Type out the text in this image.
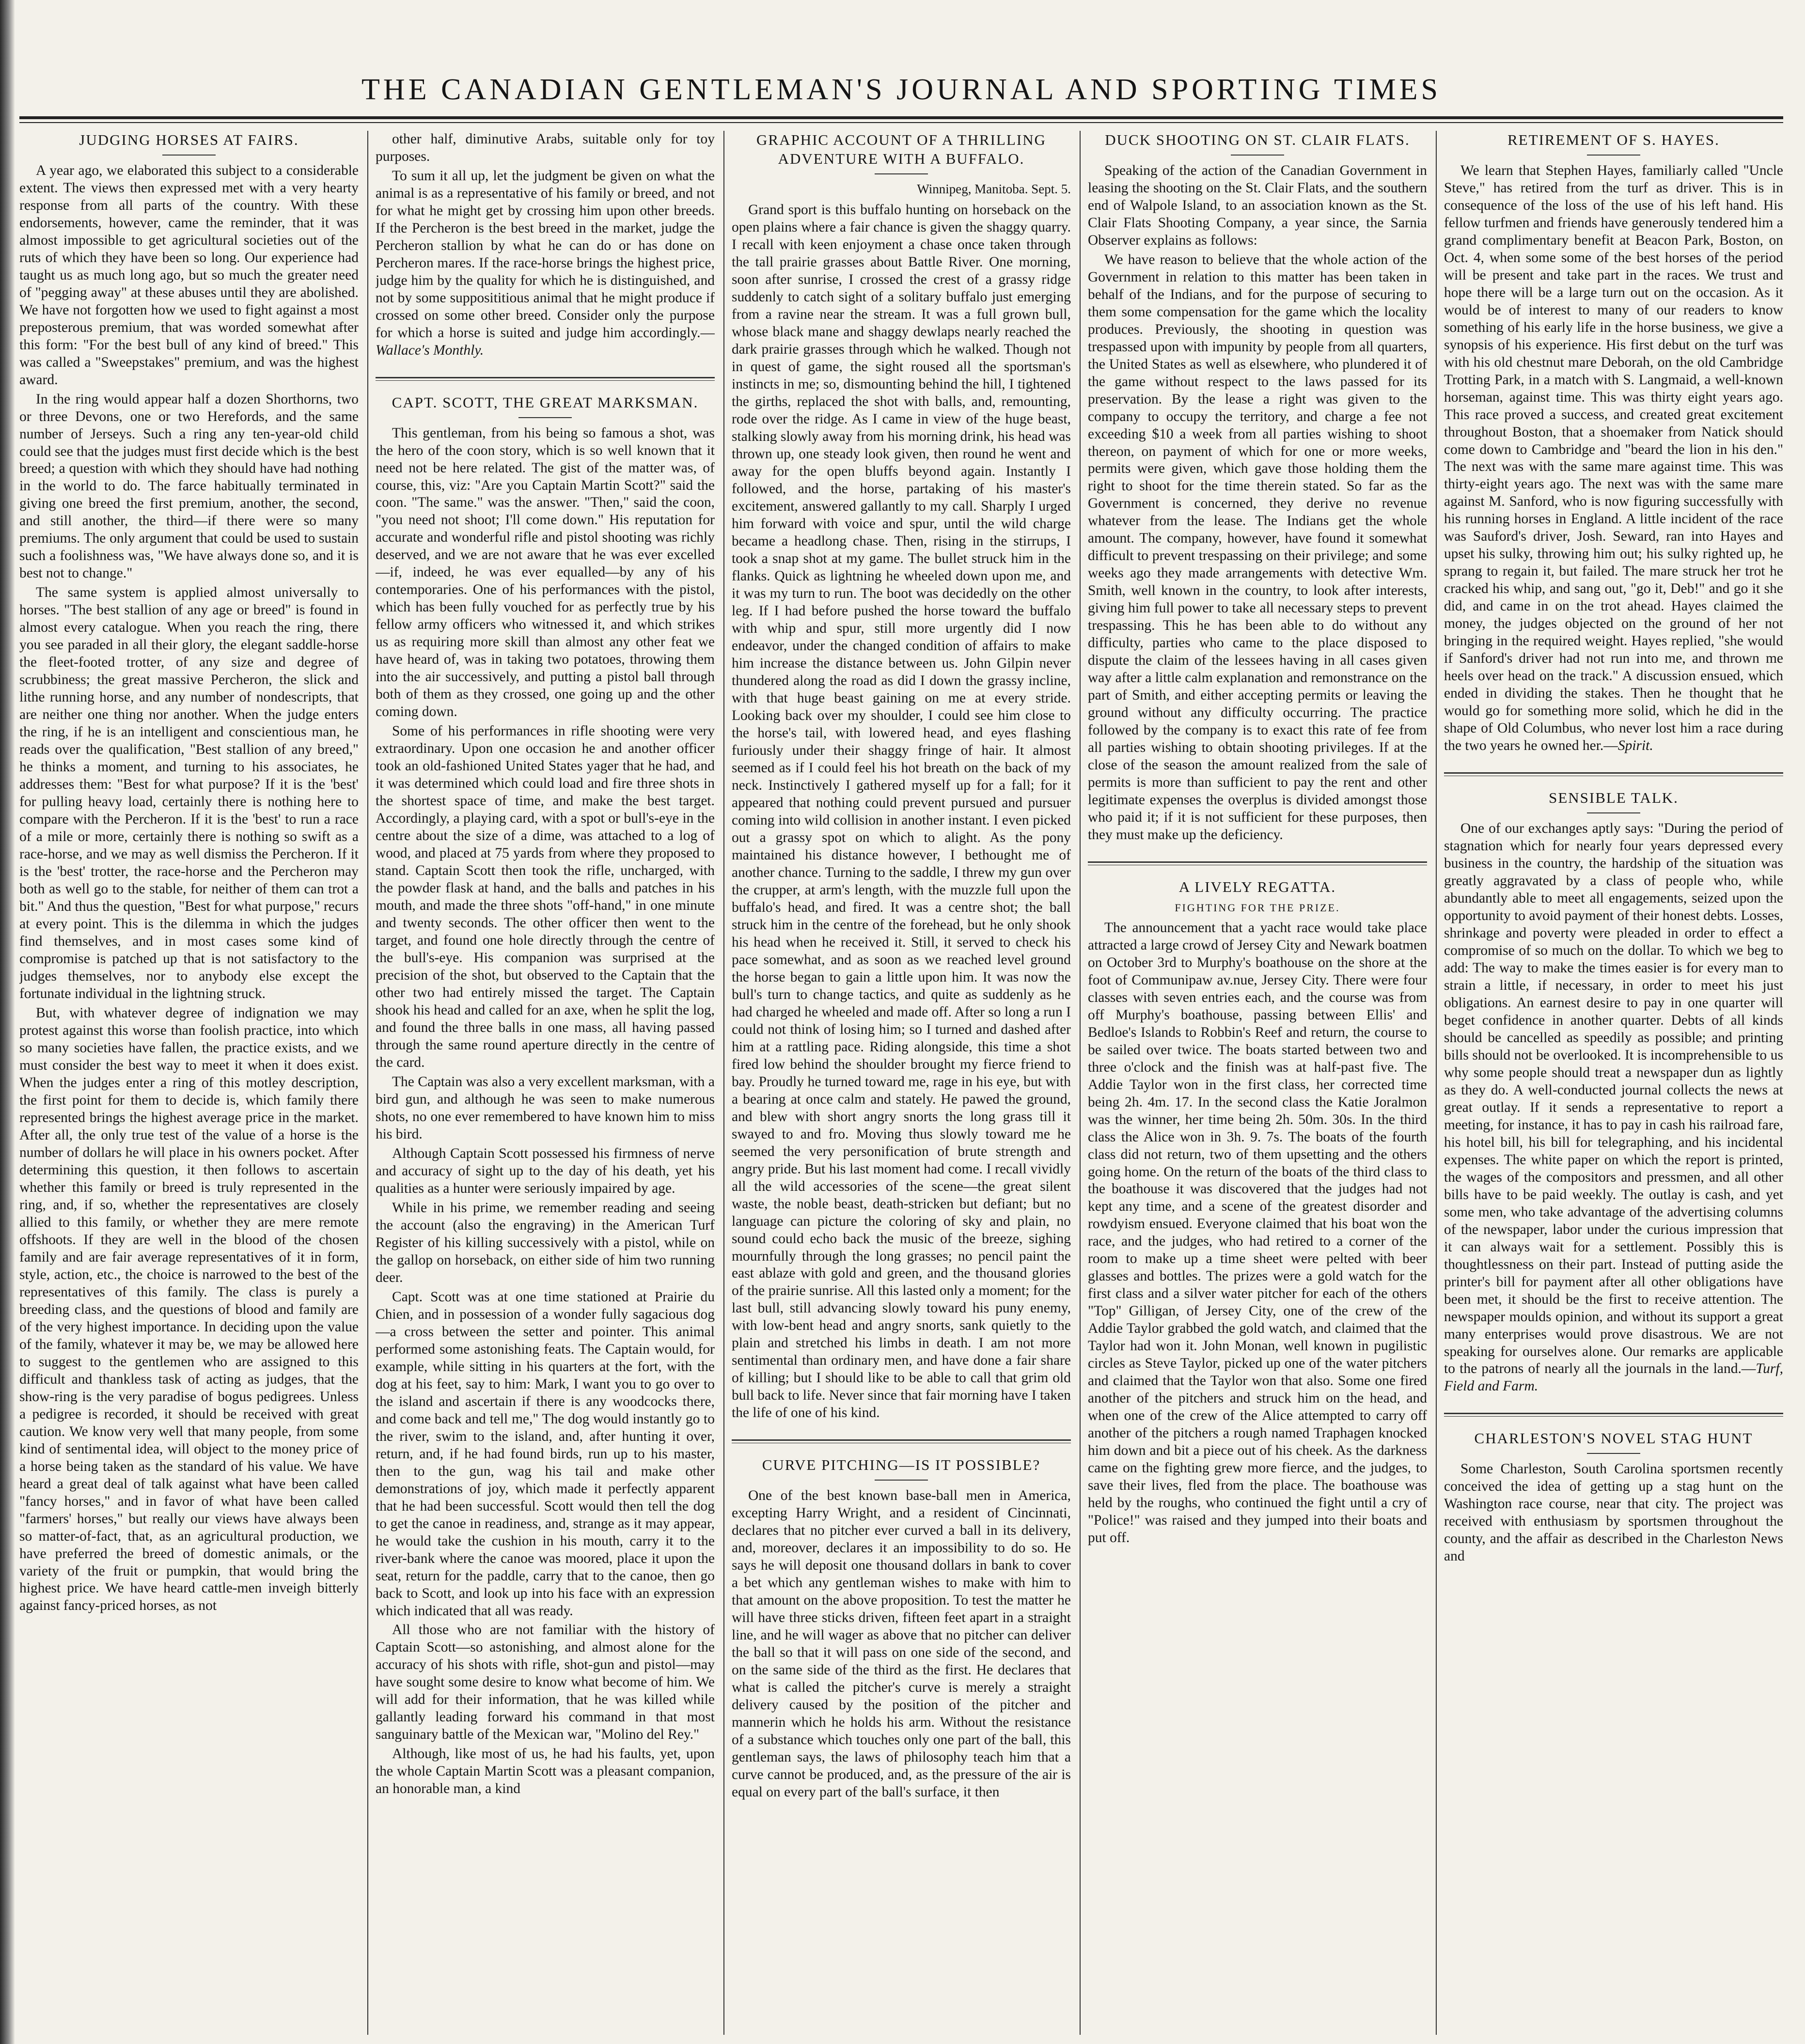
THE CANADIAN GENTLEMAN'S JOURNAL AND SPORTING TIMES
JUDGING HORSES AT FAIRS.

A year ago, we elaborated this subject to a considerable extent. The views then expressed met with a very hearty response from all parts of the country. With these endorsements, however, came the reminder, that it was almost impossible to get agricultural societies out of the ruts of which they have been so long. Our experience had taught us as much long ago, but so much the greater need of "pegging away" at these abuses until they are abolished. We have not forgotten how we used to fight against a most preposterous premium, that was worded somewhat after this form: "For the best bull of any kind of breed." This was called a "Sweepstakes" premium, and was the highest award.

In the ring would appear half a dozen Shorthorns, two or three Devons, one or two Herefords, and the same number of Jerseys. Such a ring any ten-year-old child could see that the judges must first decide which is the best breed; a question with which they should have had nothing in the world to do. The farce habitually terminated in giving one breed the first premium, another, the second, and still another, the third—if there were so many premiums. The only argument that could be used to sustain such a foolishness was, "We have always done so, and it is best not to change."

The same system is applied almost universally to horses. "The best stallion of any age or breed" is found in almost every catalogue. When you reach the ring, there you see paraded in all their glory, the elegant saddle-horse the fleet-footed trotter, of any size and degree of scrubbiness; the great massive Percheron, the slick and lithe running horse, and any number of nondescripts, that are neither one thing nor another. When the judge enters the ring, if he is an intelligent and conscientious man, he reads over the qualification, "Best stallion of any breed," he thinks a moment, and turning to his associates, he addresses them: "Best for what purpose? If it is the 'best' for pulling heavy load, certainly there is nothing here to compare with the Percheron. If it is the 'best' to run a race of a mile or more, certainly there is nothing so swift as a race-horse, and we may as well dismiss the Percheron. If it is the 'best' trotter, the race-horse and the Percheron may both as well go to the stable, for neither of them can trot a bit." And thus the question, "Best for what purpose," recurs at every point. This is the dilemma in which the judges find themselves, and in most cases some kind of compromise is patched up that is not satisfactory to the judges themselves, nor to anybody else except the fortunate individual in the lightning struck.

But, with whatever degree of indignation we may protest against this worse than foolish practice, into which so many societies have fallen, the practice exists, and we must consider the best way to meet it when it does exist. When the judges enter a ring of this motley description, the first point for them to decide is, which family there represented brings the highest average price in the market. After all, the only true test of the value of a horse is the number of dollars he will place in his owners pocket. After determining this question, it then follows to ascertain whether this family or breed is truly represented in the ring, and, if so, whether the representatives are closely allied to this family, or whether they are mere remote offshoots. If they are well in the blood of the chosen family and are fair average representatives of it in form, style, action, etc., the choice is narrowed to the best of the representatives of this family. The class is purely a breeding class, and the questions of blood and family are of the very highest importance. In deciding upon the value of the family, whatever it may be, we may be allowed here to suggest to the gentlemen who are assigned to this difficult and thankless task of acting as judges, that the show-ring is the very paradise of bogus pedigrees. Unless a pedigree is recorded, it should be received with great caution. We know very well that many people, from some kind of sentimental idea, will object to the money price of a horse being taken as the standard of his value. We have heard a great deal of talk against what have been called "fancy horses," and in favor of what have been called "farmers' horses," but really our views have always been so matter-of-fact, that, as an agricultural production, we have preferred the breed of domestic animals, or the variety of the fruit or pumpkin, that would bring the highest price. We have heard cattle-men inveigh bitterly against fancy-priced horses, as not

other half, diminutive Arabs, suitable only for toy purposes.

To sum it all up, let the judgment be given on what the animal is as a representative of his family or breed, and not for what he might get by crossing him upon other breeds. If the Percheron is the best breed in the market, judge the Percheron stallion by what he can do or has done on Percheron mares. If the race-horse brings the highest price, judge him by the quality for which he is distinguished, and not by some supposititious animal that he might produce if crossed on some other breed. Consider only the purpose for which a horse is suited and judge him accordingly.—Wallace's Monthly.

CAPT. SCOTT, THE GREAT MARKSMAN.

This gentleman, from his being so famous a shot, was the hero of the coon story, which is so well known that it need not be here related. The gist of the matter was, of course, this, viz: "Are you Captain Martin Scott?" said the coon. "The same." was the answer. "Then," said the coon, "you need not shoot; I'll come down." His reputation for accurate and wonderful rifle and pistol shooting was richly deserved, and we are not aware that he was ever excelled—if, indeed, he was ever equalled—by any of his contemporaries. One of his performances with the pistol, which has been fully vouched for as perfectly true by his fellow army officers who witnessed it, and which strikes us as requiring more skill than almost any other feat we have heard of, was in taking two potatoes, throwing them into the air successively, and putting a pistol ball through both of them as they crossed, one going up and the other coming down.

Some of his performances in rifle shooting were very extraordinary. Upon one occasion he and another officer took an old-fashioned United States yager that he had, and it was determined which could load and fire three shots in the shortest space of time, and make the best target. Accordingly, a playing card, with a spot or bull's-eye in the centre about the size of a dime, was attached to a log of wood, and placed at 75 yards from where they proposed to stand. Captain Scott then took the rifle, uncharged, with the powder flask at hand, and the balls and patches in his mouth, and made the three shots "off-hand," in one minute and twenty seconds. The other officer then went to the target, and found one hole directly through the centre of the bull's-eye. His companion was surprised at the precision of the shot, but observed to the Captain that the other two had entirely missed the target. The Captain shook his head and called for an axe, when he split the log, and found the three balls in one mass, all having passed through the same round aperture directly in the centre of the card.

The Captain was also a very excellent marksman, with a bird gun, and although he was seen to make numerous shots, no one ever remembered to have known him to miss his bird.

Although Captain Scott possessed his firmness of nerve and accuracy of sight up to the day of his death, yet his qualities as a hunter were seriously impaired by age.

While in his prime, we remember reading and seeing the account (also the engraving) in the American Turf Register of his killing successively with a pistol, while on the gallop on horseback, on either side of him two running deer.

Capt. Scott was at one time stationed at Prairie du Chien, and in possession of a wonder fully sagacious dog—a cross between the setter and pointer. This animal performed some astonishing feats. The Captain would, for example, while sitting in his quarters at the fort, with the dog at his feet, say to him: Mark, I want you to go over to the island and ascertain if there is any woodcocks there, and come back and tell me," The dog would instantly go to the river, swim to the island, and, after hunting it over, return, and, if he had found birds, run up to his master, then to the gun, wag his tail and make other demonstrations of joy, which made it perfectly apparent that he had been successful. Scott would then tell the dog to get the canoe in readiness, and, strange as it may appear, he would take the cushion in his mouth, carry it to the river-bank where the canoe was moored, place it upon the seat, return for the paddle, carry that to the canoe, then go back to Scott, and look up into his face with an expression which indicated that all was ready.

All those who are not familiar with the history of Captain Scott—so astonishing, and almost alone for the accuracy of his shots with rifle, shot-gun and pistol—may have sought some desire to know what become of him. We will add for their information, that he was killed while gallantly leading forward his command in that most sanguinary battle of the Mexican war, "Molino del Rey."

Although, like most of us, he had his faults, yet, upon the whole Captain Martin Scott was a pleasant companion, an honorable man, a kind

GRAPHIC ACCOUNT OF A THRILLING ADVENTURE WITH A BUFFALO.
Winnipeg, Manitoba. Sept. 5.

Grand sport is this buffalo hunting on horseback on the open plains where a fair chance is given the shaggy quarry. I recall with keen enjoyment a chase once taken through the tall prairie grasses about Battle River. One morning, soon after sunrise, I crossed the crest of a grassy ridge suddenly to catch sight of a solitary buffalo just emerging from a ravine near the stream. It was a full grown bull, whose black mane and shaggy dewlaps nearly reached the dark prairie grasses through which he walked. Though not in quest of game, the sight roused all the sportsman's instincts in me; so, dismounting behind the hill, I tightened the girths, replaced the shot with balls, and, remounting, rode over the ridge. As I came in view of the huge beast, stalking slowly away from his morning drink, his head was thrown up, one steady look given, then round he went and away for the open bluffs beyond again. Instantly I followed, and the horse, partaking of his master's excitement, answered gallantly to my call. Sharply I urged him forward with voice and spur, until the wild charge became a headlong chase. Then, rising in the stirrups, I took a snap shot at my game. The bullet struck him in the flanks. Quick as lightning he wheeled down upon me, and it was my turn to run. The boot was decidedly on the other leg. If I had before pushed the horse toward the buffalo with whip and spur, still more urgently did I now endeavor, under the changed condition of affairs to make him increase the distance between us. John Gilpin never thundered along the road as did I down the grassy incline, with that huge beast gaining on me at every stride. Looking back over my shoulder, I could see him close to the horse's tail, with lowered head, and eyes flashing furiously under their shaggy fringe of hair. It almost seemed as if I could feel his hot breath on the back of my neck. Instinctively I gathered myself up for a fall; for it appeared that nothing could prevent pursued and pursuer coming into wild collision in another instant. I even picked out a grassy spot on which to alight. As the pony maintained his distance however, I bethought me of another chance. Turning to the saddle, I threw my gun over the crupper, at arm's length, with the muzzle full upon the buffalo's head, and fired. It was a centre shot; the ball struck him in the centre of the forehead, but he only shook his head when he received it. Still, it served to check his pace somewhat, and as soon as we reached level ground the horse began to gain a little upon him. It was now the bull's turn to change tactics, and quite as suddenly as he had charged he wheeled and made off. After so long a run I could not think of losing him; so I turned and dashed after him at a rattling pace. Riding alongside, this time a shot fired low behind the shoulder brought my fierce friend to bay. Proudly he turned toward me, rage in his eye, but with a bearing at once calm and stately. He pawed the ground, and blew with short angry snorts the long grass till it swayed to and fro. Moving thus slowly toward me he seemed the very personification of brute strength and angry pride. But his last moment had come. I recall vividly all the wild accessories of the scene—the great silent waste, the noble beast, death-stricken but defiant; but no language can picture the coloring of sky and plain, no sound could echo back the music of the breeze, sighing mournfully through the long grasses; no pencil paint the east ablaze with gold and green, and the thousand glories of the prairie sunrise. All this lasted only a moment; for the last bull, still advancing slowly toward his puny enemy, with low-bent head and angry snorts, sank quietly to the plain and stretched his limbs in death. I am not more sentimental than ordinary men, and have done a fair share of killing; but I should like to be able to call that grim old bull back to life. Never since that fair morning have I taken the life of one of his kind.

CURVE PITCHING—IS IT POSSIBLE?

One of the best known base-ball men in America, excepting Harry Wright, and a resident of Cincinnati, declares that no pitcher ever curved a ball in its delivery, and, moreover, declares it an impossibility to do so. He says he will deposit one thousand dollars in bank to cover a bet which any gentleman wishes to make with him to that amount on the above proposition. To test the matter he will have three sticks driven, fifteen feet apart in a straight line, and he will wager as above that no pitcher can deliver the ball so that it will pass on one side of the second, and on the same side of the third as the first. He declares that what is called the pitcher's curve is merely a straight delivery caused by the position of the pitcher and mannerin which he holds his arm. Without the resistance of a substance which touches only one part of the ball, this gentleman says, the laws of philosophy teach him that a curve cannot be produced, and, as the pressure of the air is equal on every part of the ball's surface, it then

DUCK SHOOTING ON ST. CLAIR FLATS.

Speaking of the action of the Canadian Government in leasing the shooting on the St. Clair Flats, and the southern end of Walpole Island, to an association known as the St. Clair Flats Shooting Company, a year since, the Sarnia Observer explains as follows:

We have reason to believe that the whole action of the Government in relation to this matter has been taken in behalf of the Indians, and for the purpose of securing to them some compensation for the game which the locality produces. Previously, the shooting in question was trespassed upon with impunity by people from all quarters, the United States as well as elsewhere, who plundered it of the game without respect to the laws passed for its preservation. By the lease a right was given to the company to occupy the territory, and charge a fee not exceeding $10 a week from all parties wishing to shoot thereon, on payment of which for one or more weeks, permits were given, which gave those holding them the right to shoot for the time therein stated. So far as the Government is concerned, they derive no revenue whatever from the lease. The Indians get the whole amount. The company, however, have found it somewhat difficult to prevent trespassing on their privilege; and some weeks ago they made arrangements with detective Wm. Smith, well known in the country, to look after interests, giving him full power to take all necessary steps to prevent trespassing. This he has been able to do without any difficulty, parties who came to the place disposed to dispute the claim of the lessees having in all cases given way after a little calm explanation and remonstrance on the part of Smith, and either accepting permits or leaving the ground without any difficulty occurring. The practice followed by the company is to exact this rate of fee from all parties wishing to obtain shooting privileges. If at the close of the season the amount realized from the sale of permits is more than sufficient to pay the rent and other legitimate expenses the overplus is divided amongst those who paid it; if it is not sufficient for these purposes, then they must make up the deficiency.

A LIVELY REGATTA.
FIGHTING FOR THE PRIZE.

The announcement that a yacht race would take place attracted a large crowd of Jersey City and Newark boatmen on October 3rd to Murphy's boathouse on the shore at the foot of Communipaw av.nue, Jersey City. There were four classes with seven entries each, and the course was from off Murphy's boathouse, passing between Ellis' and Bedloe's Islands to Robbin's Reef and return, the course to be sailed over twice. The boats started between two and three o'clock and the finish was at half-past five. The Addie Taylor won in the first class, her corrected time being 2h. 4m. 17. In the second class the Katie Joralmon was the winner, her time being 2h. 50m. 30s. In the third class the Alice won in 3h. 9. 7s. The boats of the fourth class did not return, two of them upsetting and the others going home. On the return of the boats of the third class to the boathouse it was discovered that the judges had not kept any time, and a scene of the greatest disorder and rowdyism ensued. Everyone claimed that his boat won the race, and the judges, who had retired to a corner of the room to make up a time sheet were pelted with beer glasses and bottles. The prizes were a gold watch for the first class and a silver water pitcher for each of the others "Top" Gilligan, of Jersey City, one of the crew of the Addie Taylor grabbed the gold watch, and claimed that the Taylor had won it. John Monan, well known in pugilistic circles as Steve Taylor, picked up one of the water pitchers and claimed that the Taylor won that also. Some one fired another of the pitchers and struck him on the head, and when one of the crew of the Alice attempted to carry off another of the pitchers a rough named Traphagen knocked him down and bit a piece out of his cheek. As the darkness came on the fighting grew more fierce, and the judges, to save their lives, fled from the place. The boathouse was held by the roughs, who continued the fight until a cry of "Police!" was raised and they jumped into their boats and put off.

RETIREMENT OF S. HAYES.

We learn that Stephen Hayes, familiarly called "Uncle Steve," has retired from the turf as driver. This is in consequence of the loss of the use of his left hand. His fellow turfmen and friends have generously tendered him a grand complimentary benefit at Beacon Park, Boston, on Oct. 4, when some some of the best horses of the period will be present and take part in the races. We trust and hope there will be a large turn out on the occasion. As it would be of interest to many of our readers to know something of his early life in the horse business, we give a synopsis of his experience. His first debut on the turf was with his old chestnut mare Deborah, on the old Cambridge Trotting Park, in a match with S. Langmaid, a well-known horseman, against time. This was thirty eight years ago. This race proved a success, and created great excitement throughout Boston, that a shoemaker from Natick should come down to Cambridge and "beard the lion in his den." The next was with the same mare against time. This was thirty-eight years ago. The next was with the same mare against M. Sanford, who is now figuring successfully with his running horses in England. A little incident of the race was Sauford's driver, Josh. Seward, ran into Hayes and upset his sulky, throwing him out; his sulky righted up, he sprang to regain it, but failed. The mare struck her trot he cracked his whip, and sang out, "go it, Deb!" and go it she did, and came in on the trot ahead. Hayes claimed the money, the judges objected on the ground of her not bringing in the required weight. Hayes replied, "she would if Sanford's driver had not run into me, and thrown me heels over head on the track." A discussion ensued, which ended in dividing the stakes. Then he thought that he would go for something more solid, which he did in the shape of Old Columbus, who never lost him a race during the two years he owned her.—Spirit.

SENSIBLE TALK.

One of our exchanges aptly says: "During the period of stagnation which for nearly four years depressed every business in the country, the hardship of the situation was greatly aggravated by a class of people who, while abundantly able to meet all engagements, seized upon the opportunity to avoid payment of their honest debts. Losses, shrinkage and poverty were pleaded in order to effect a compromise of so much on the dollar. To which we beg to add: The way to make the times easier is for every man to strain a little, if necessary, in order to meet his just obligations. An earnest desire to pay in one quarter will beget confidence in another quarter. Debts of all kinds should be cancelled as speedily as possible; and printing bills should not be overlooked. It is incomprehensible to us why some people should treat a newspaper dun as lightly as they do. A well-conducted journal collects the news at great outlay. If it sends a representative to report a meeting, for instance, it has to pay in cash his railroad fare, his hotel bill, his bill for telegraphing, and his incidental expenses. The white paper on which the report is printed, the wages of the compositors and pressmen, and all other bills have to be paid weekly. The outlay is cash, and yet some men, who take advantage of the advertising columns of the newspaper, labor under the curious impression that it can always wait for a settlement. Possibly this is thoughtlessness on their part. Instead of putting aside the printer's bill for payment after all other obligations have been met, it should be the first to receive attention. The newspaper moulds opinion, and without its support a great many enterprises would prove disastrous. We are not speaking for ourselves alone. Our remarks are applicable to the patrons of nearly all the journals in the land.—Turf, Field and Farm.

CHARLESTON'S NOVEL STAG HUNT

Some Charleston, South Carolina sportsmen recently conceived the idea of getting up a stag hunt on the Washington race course, near that city. The project was received with enthusiasm by sportsmen throughout the county, and the affair as described in the Charleston News and
